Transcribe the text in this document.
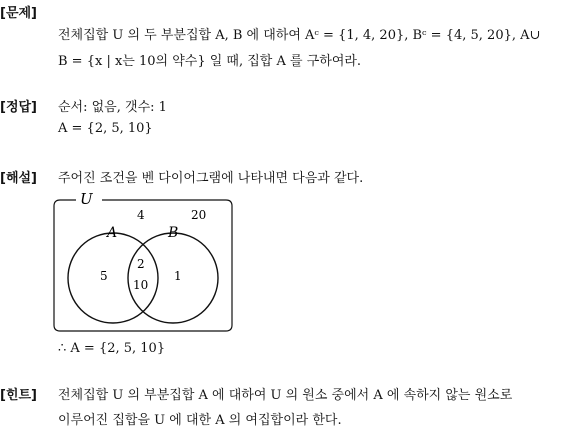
[문제]
전체집합 U 의 두 부분집합 A, B 에 대하여 Aᶜ = {1, 4, 20}, Bᶜ = {4, 5, 20}, A∪
B = {x | x는 10의 약수} 일 때, 집합 A 를 구하여라.
[정답] 순서: 없음, 갯수: 1
A = {2, 5, 10}
[해설] 주어진 조건을 벤 다이어그램에 나타내면 다음과 같다.
U
A	B
4	20
5
2
10
1
∴ A = {2, 5, 10}
[힌트] 전체집합 U 의 부분집합 A 에 대하여 U 의 원소 중에서 A 에 속하지 않는 원소로
이루어진 집합을 U 에 대한 A 의 여집합이라 한다.
